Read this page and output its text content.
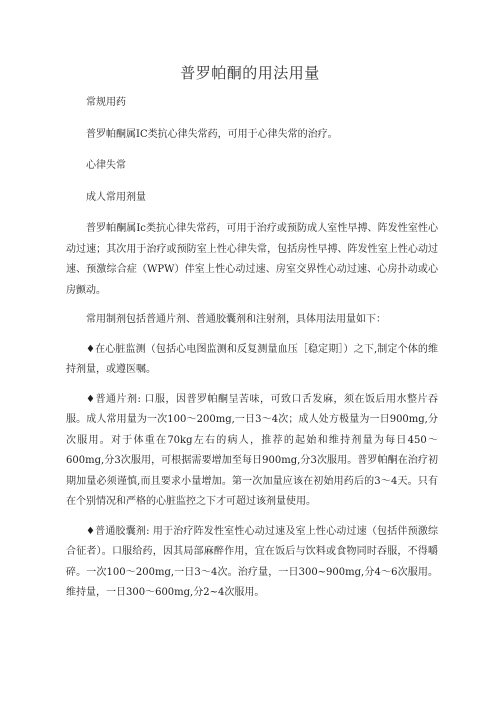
普罗帕酮的用法用量

常规用药

普罗帕酮属IC类抗心律失常药，可用于心律失常的治疗。

心律失常

成人常用剂量

普罗帕酮属Ic类抗心律失常药，可用于治疗或预防成人室性早搏、阵发性室性心动过速；其次用于治疗或预防室上性心律失常，包括房性早搏、阵发性室上性心动过速、预激综合症（WPW）伴室上性心动过速、房室交界性心动过速、心房扑动或心房颤动。

常用制剂包括普通片剂、普通胶囊剂和注射剂，具体用法用量如下：

♦在心脏监测（包括心电图监测和反复测量血压［稳定期］）之下,制定个体的维持剂量，或遵医嘱。

♦普通片剂: 口服，因普罗帕酮呈苦味，可致口舌发麻，须在饭后用水整片吞服。成人常用量为一次100～200mg,一日3～4次；成人处方极量为一日900mg,分次服用。对于体重在70kg左右的病人，推荐的起始和维持剂量为每日450～600mg,分3次服用，可根据需要增加至每日900mg,分3次服用。普罗帕酮在治疗初期加量必须谨慎,而且要求小量增加。第一次加量应该在初始用药后的3～4天。只有在个别情况和严格的心脏监控之下才可超过该剂量使用。

♦普通胶囊剂: 用于治疗阵发性室性心动过速及室上性心动过速（包括伴预激综合征者）。口服给药，因其局部麻醉作用，宜在饭后与饮料或食物同时吞服，不得嚼碎。一次100～200mg,一日3～4次。治疗量，一日300~900mg,分4～6次服用。维持量，一日300～600mg,分2~4次服用。
